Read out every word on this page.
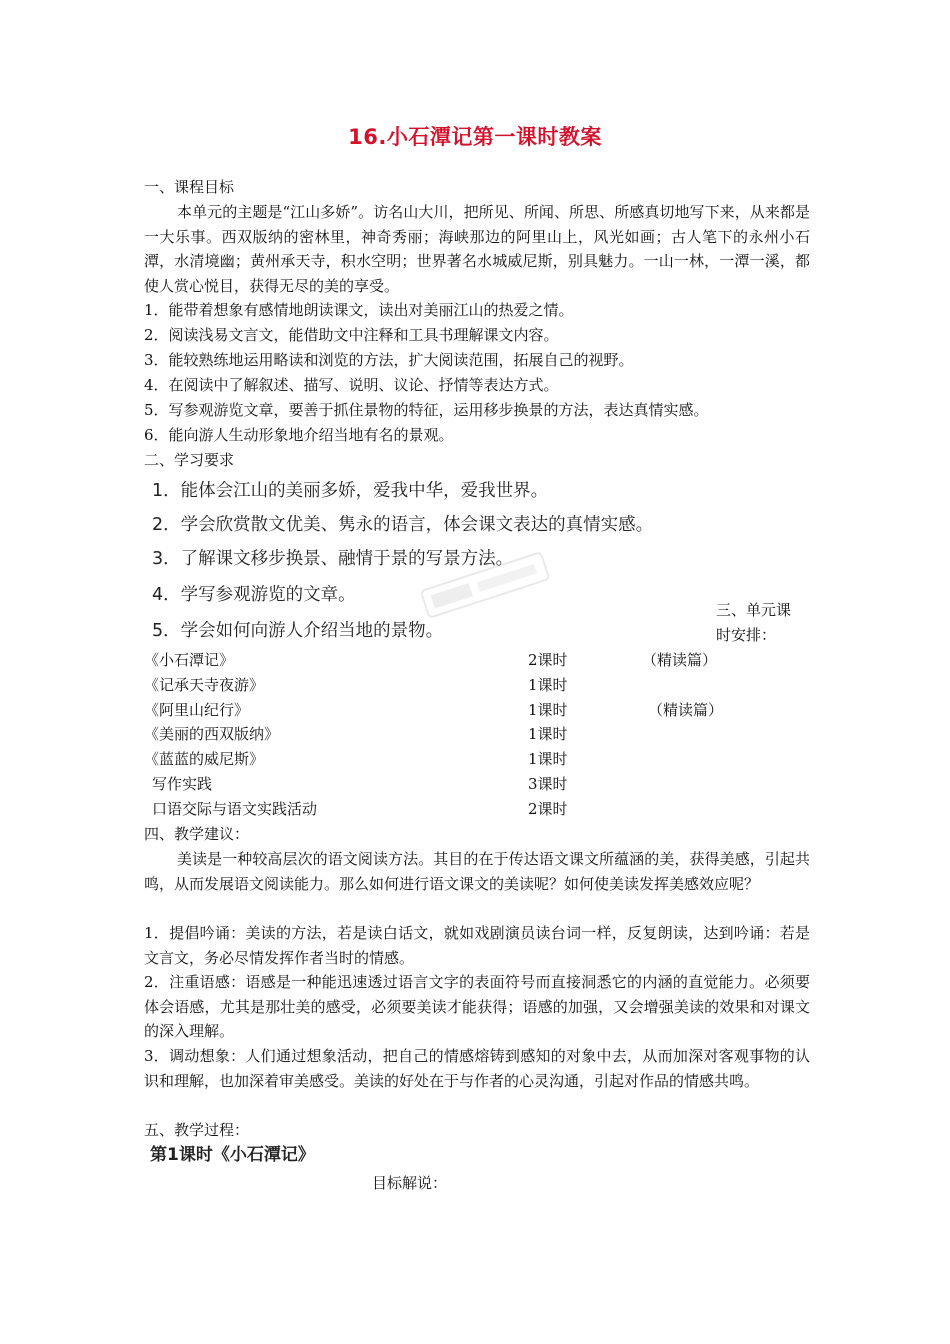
16.小石潭记第一课时教案
一、课程目标
本单元的主题是“江山多娇”。访名山大川，把所见、所闻、所思、所感真切地写下来，从来都是一大乐事。西双版纳的密林里，神奇秀丽；海峡那边的阿里山上，风光如画；古人笔下的永州小石潭，水清境幽；黄州承天寺，积水空明；世界著名水城威尼斯，别具魅力。一山一林，一潭一溪，都使人赏心悦目，获得无尽的美的享受。
1．能带着想象有感情地朗读课文，读出对美丽江山的热爱之情。
2．阅读浅易文言文，能借助文中注释和工具书理解课文内容。
3．能较熟练地运用略读和浏览的方法，扩大阅读范围，拓展自己的视野。
4．在阅读中了解叙述、描写、说明、议论、抒情等表达方式。
5．写参观游览文章，要善于抓住景物的特征，运用移步换景的方法，表达真情实感。
6．能向游人生动形象地介绍当地有名的景观。
二、学习要求
1．能体会江山的美丽多娇，爱我中华，爱我世界。
2．学会欣赏散文优美、隽永的语言，体会课文表达的真情实感。
3．了解课文移步换景、融情于景的写景方法。
4．学写参观游览的文章。
5．学会如何向游人介绍当地的景物。
三、单元课时安排：
《小石潭记》	2课时	（精读篇）
《记承天寺夜游》	1课时
《阿里山纪行》	1课时	（精读篇）
《美丽的西双版纳》	1课时
《蓝蓝的威尼斯》	1课时
写作实践	3课时
口语交际与语文实践活动	2课时
四、教学建议：
美读是一种较高层次的语文阅读方法。其目的在于传达语文课文所蕴涵的美，获得美感，引起共鸣，从而发展语文阅读能力。那么如何进行语文课文的美读呢？如何使美读发挥美感效应呢？
1．提倡吟诵：美读的方法，若是读白话文，就如戏剧演员读台词一样，反复朗读，达到吟诵：若是文言文，务必尽情发挥作者当时的情感。
2．注重语感：语感是一种能迅速透过语言文字的表面符号而直接洞悉它的内涵的直觉能力。必须要体会语感，尤其是那壮美的感受，必须要美读才能获得；语感的加强，又会增强美读的效果和对课文的深入理解。
3．调动想象：人们通过想象活动，把自己的情感熔铸到感知的对象中去，从而加深对客观事物的认识和理解，也加深着审美感受。美读的好处在于与作者的心灵沟通，引起对作品的情感共鸣。
五、教学过程：
第1课时《小石潭记》
目标解说：
